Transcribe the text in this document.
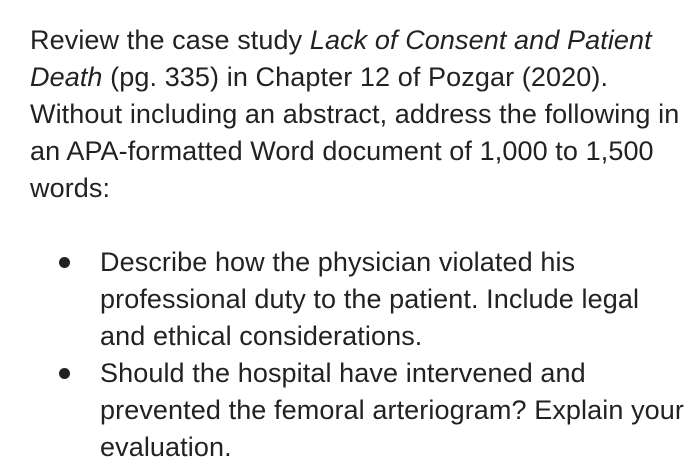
Review the case study Lack of Consent and Patient Death (pg. 335) in Chapter 12 of Pozgar (2020). Without including an abstract, address the following in an APA-formatted Word document of 1,000 to 1,500 words:

Describe how the physician violated his professional duty to the patient. Include legal and ethical considerations.
Should the hospital have intervened and prevented the femoral arteriogram? Explain your evaluation.
